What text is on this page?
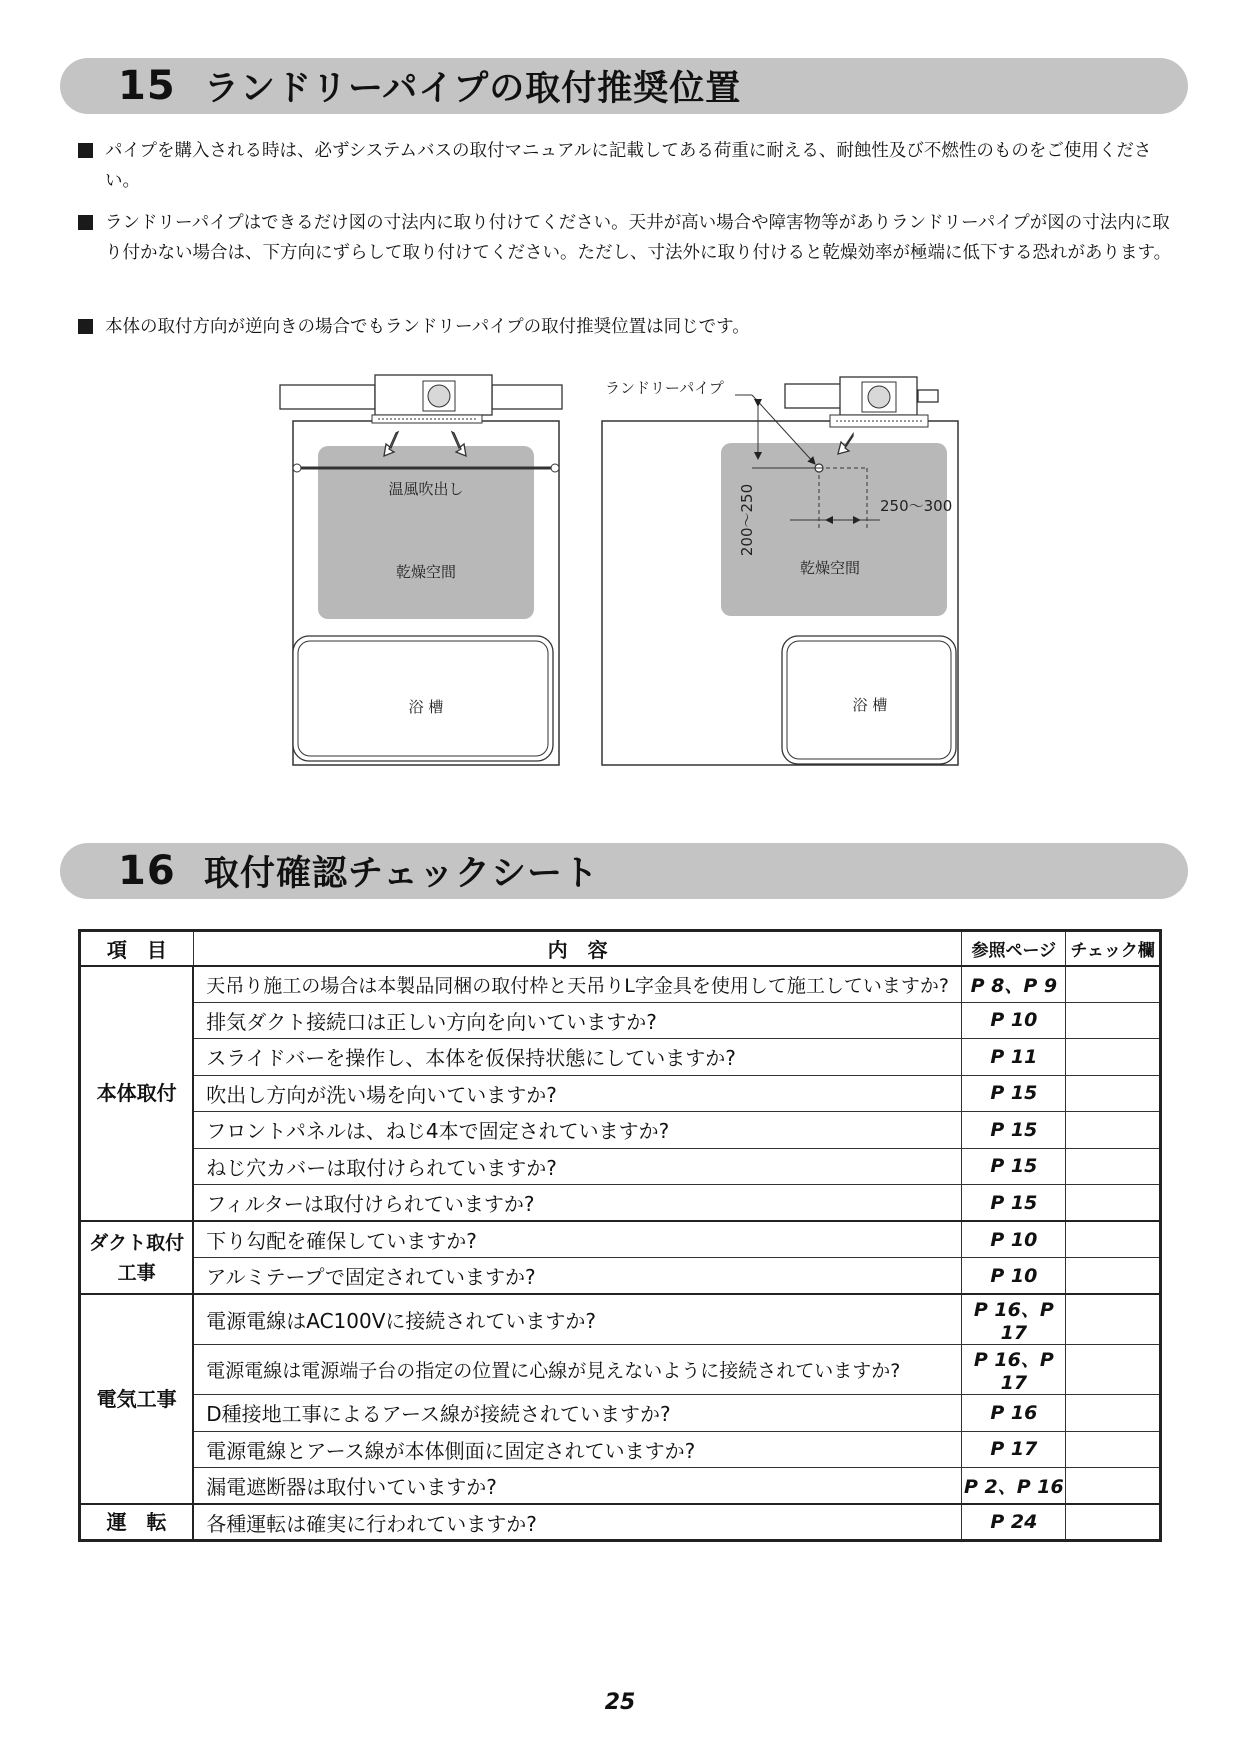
15 ランドリーパイプの取付推奨位置
パイプを購入される時は、必ずシステムバスの取付マニュアルに記載してある荷重に耐える、耐蝕性及び不燃性のものをご使用ください。
ランドリーパイプはできるだけ図の寸法内に取り付けてください。天井が高い場合や障害物等がありランドリーパイプが図の寸法内に取り付かない場合は、下方向にずらして取り付けてください。ただし、寸法外に取り付けると乾燥効率が極端に低下する恐れがあります。
本体の取付方向が逆向きの場合でもランドリーパイプの取付推奨位置は同じです。
温風吹出し
乾燥空間
浴 槽
ランドリーパイプ
200〜250	250〜300
乾燥空間
浴 槽
16 取付確認チェックシート
項　目	内　容	参照ページ	チェック欄
本体取付	天吊り施工の場合は本製品同梱の取付枠と天吊りL字金具を使用して施工していますか?	P 8、P 9	
	排気ダクト接続口は正しい方向を向いていますか?	P 10	
	スライドバーを操作し、本体を仮保持状態にしていますか?	P 11	
	吹出し方向が洗い場を向いていますか?	P 15	
	フロントパネルは、ねじ4本で固定されていますか?	P 15	
	ねじ穴カバーは取付けられていますか?	P 15	
	フィルターは取付けられていますか?	P 15	
ダクト取付
工事	下り勾配を確保していますか?	P 10	
	アルミテープで固定されていますか?	P 10	
電気工事	電源電線はAC100Vに接続されていますか?	P 16、P 17	
	電源電線は電源端子台の指定の位置に心線が見えないように接続されていますか?	P 16、P 17	
	D種接地工事によるアース線が接続されていますか?	P 16	
	電源電線とアース線が本体側面に固定されていますか?	P 17	
	漏電遮断器は取付いていますか?	P 2、P 16	
運　転	各種運転は確実に行われていますか?	P 24	
25
